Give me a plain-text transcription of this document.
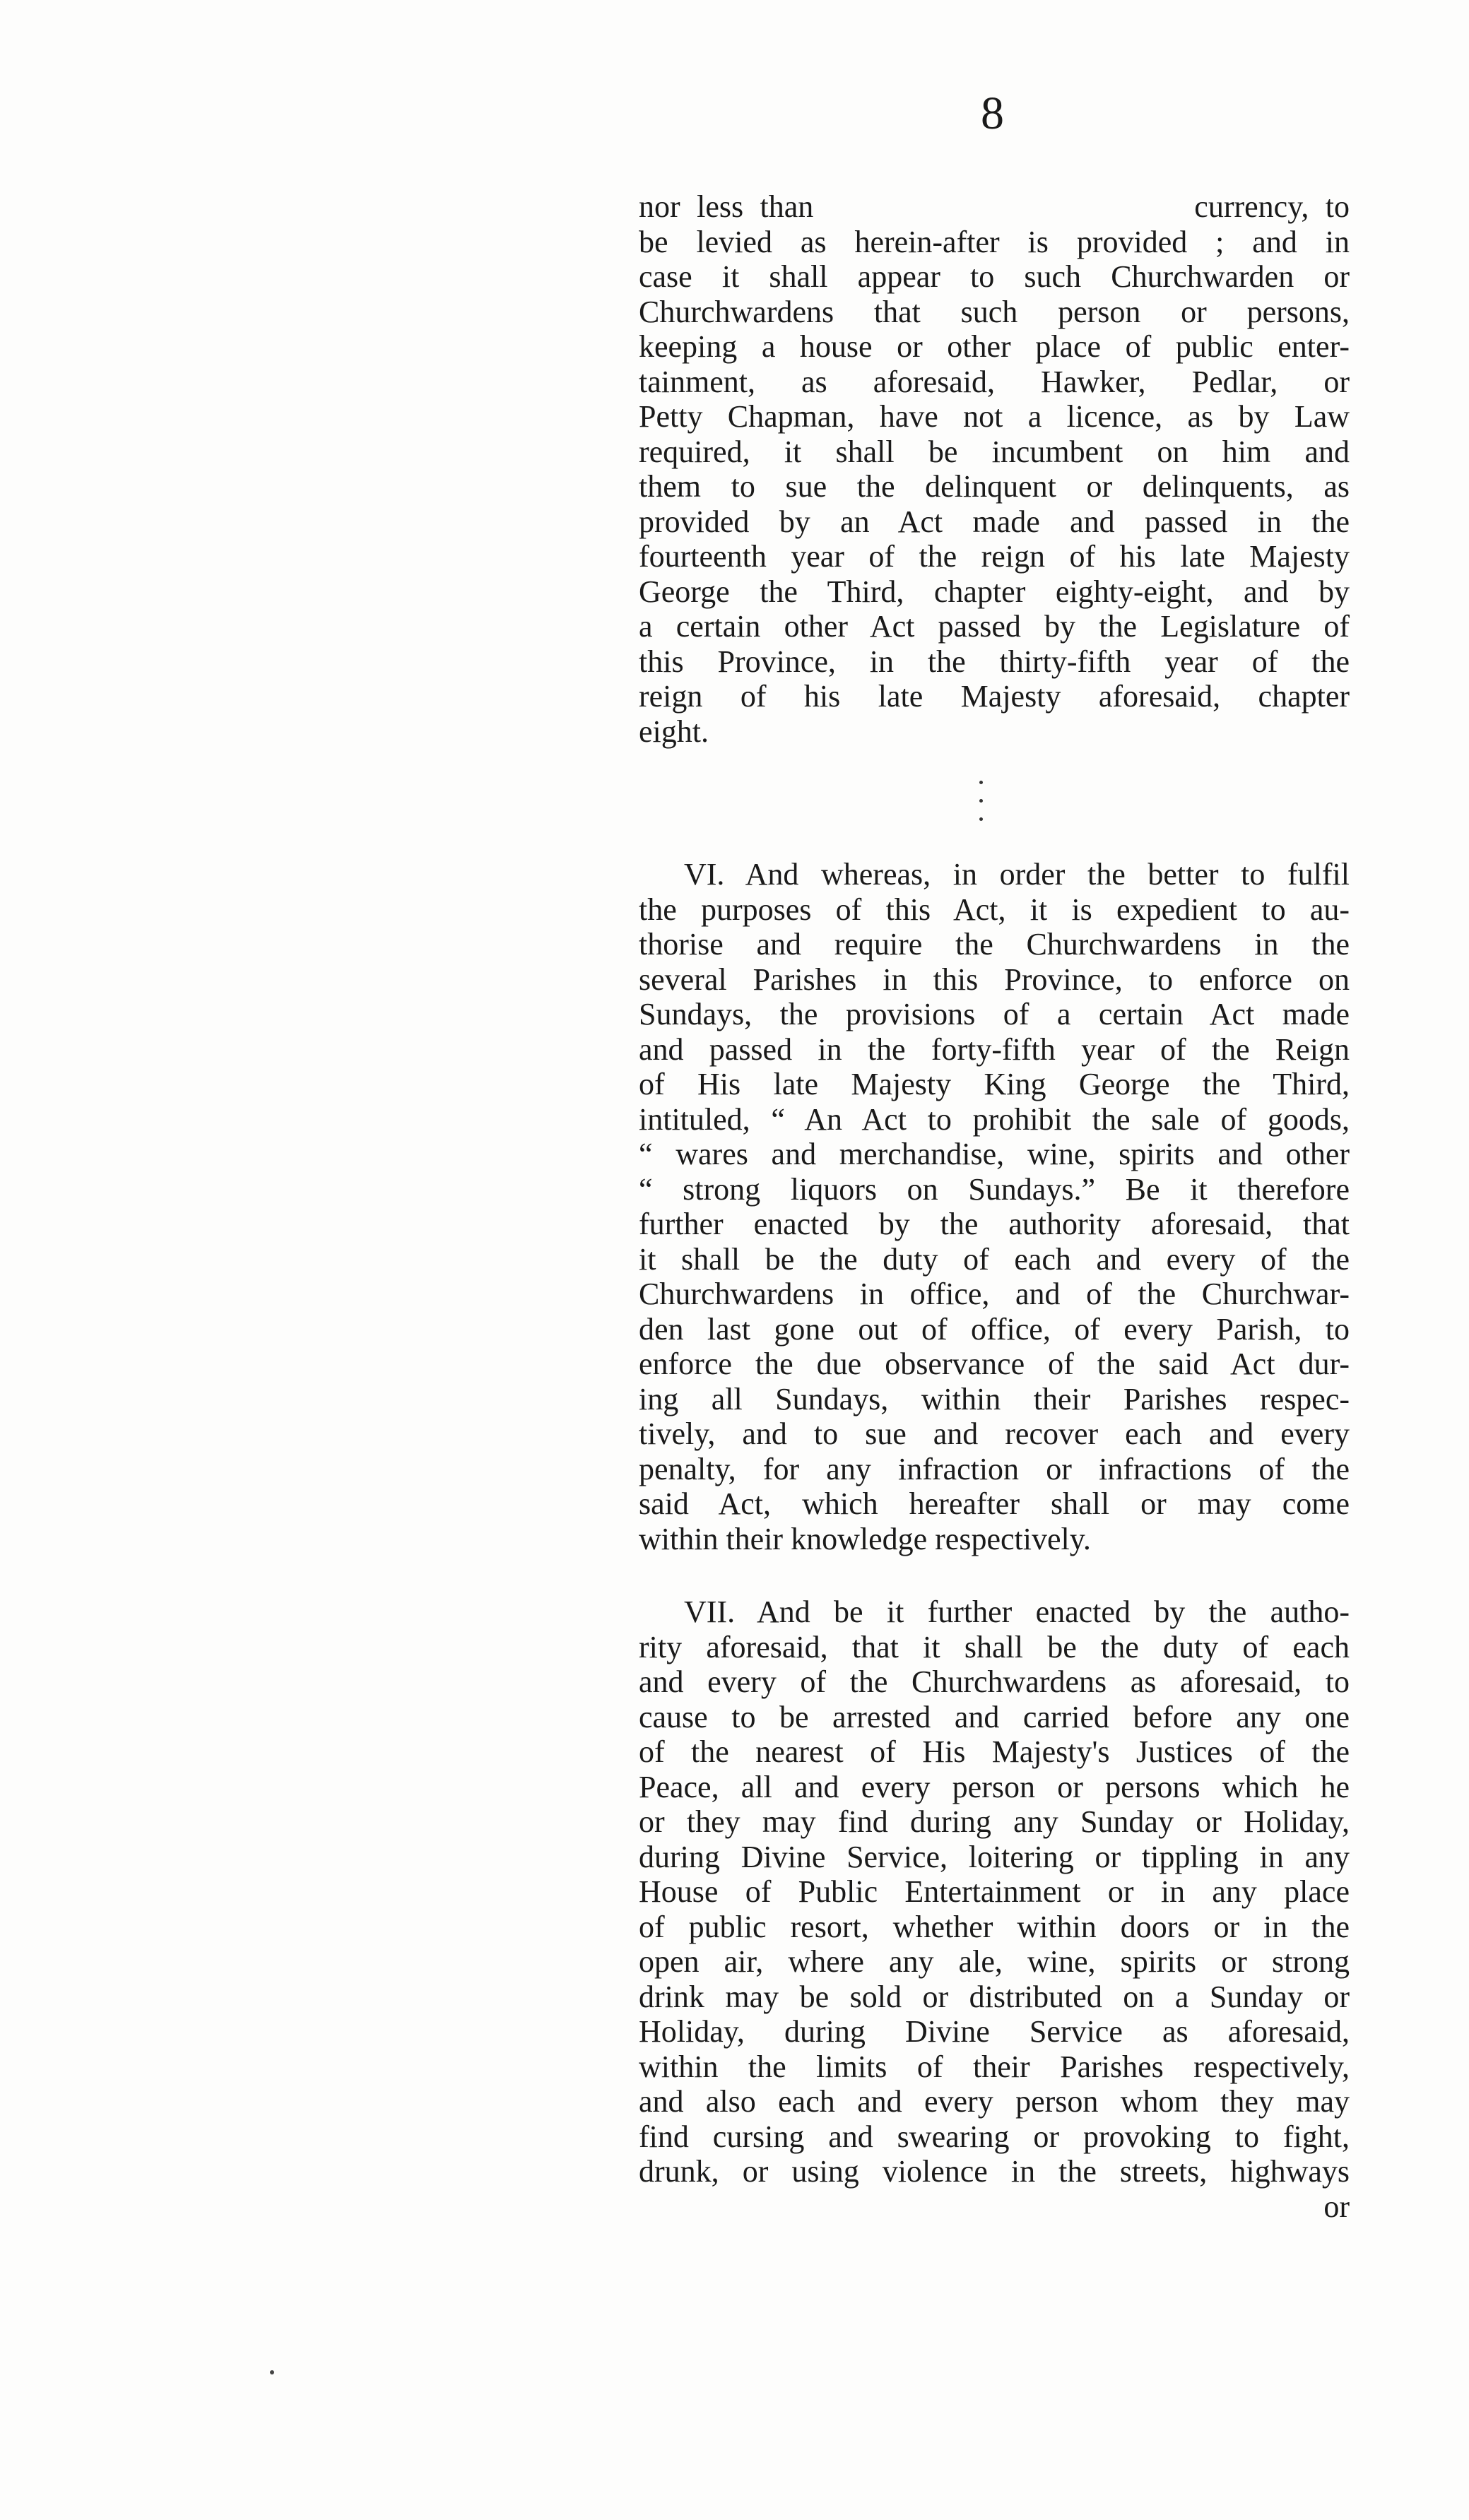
8
nor less than                       currency, to
be levied as herein-after is provided ; and in
case it shall appear to such Churchwarden or
Churchwardens that such person or persons,
keeping a house or other place of public enter-
tainment, as aforesaid, Hawker, Pedlar, or
Petty Chapman, have not a licence, as by Law
required, it shall be incumbent on him and
them to sue the delinquent or delinquents, as
provided by an Act made and passed in the
fourteenth year of the reign of his late Majesty
George the Third, chapter eighty-eight, and by
a certain other Act passed by the Legislature of
this Province, in the thirty-fifth year of the
reign of his late Majesty aforesaid, chapter
eight.
VI. And whereas, in order the better to fulfil
the purposes of this Act, it is expedient to au-
thorise and require the Churchwardens in the
several Parishes in this Province, to enforce on
Sundays, the provisions of a certain Act made
and passed in the forty-fifth year of the Reign
of His late Majesty King George the Third,
intituled, “ An Act to prohibit the sale of goods,
“ wares and merchandise, wine, spirits and other
“ strong liquors on Sundays.” Be it therefore
further enacted by the authority aforesaid, that
it shall be the duty of each and every of the
Churchwardens in office, and of the Churchwar-
den last gone out of office, of every Parish, to
enforce the due observance of the said Act dur-
ing all Sundays, within their Parishes respec-
tively, and to sue and recover each and every
penalty, for any infraction or infractions of the
said Act, which hereafter shall or may come
within their knowledge respectively.
VII. And be it further enacted by the autho-
rity aforesaid, that it shall be the duty of each
and every of the Churchwardens as aforesaid, to
cause to be arrested and carried before any one
of the nearest of His Majesty's Justices of the
Peace, all and every person or persons which he
or they may find during any Sunday or Holiday,
during Divine Service, loitering or tippling in any
House of Public Entertainment or in any place
of public resort, whether within doors or in the
open air, where any ale, wine, spirits or strong
drink may be sold or distributed on a Sunday or
Holiday, during Divine Service as aforesaid,
within the limits of their Parishes respectively,
and also each and every person whom they may
find cursing and swearing or provoking to fight,
drunk, or using violence in the streets, highways
or
